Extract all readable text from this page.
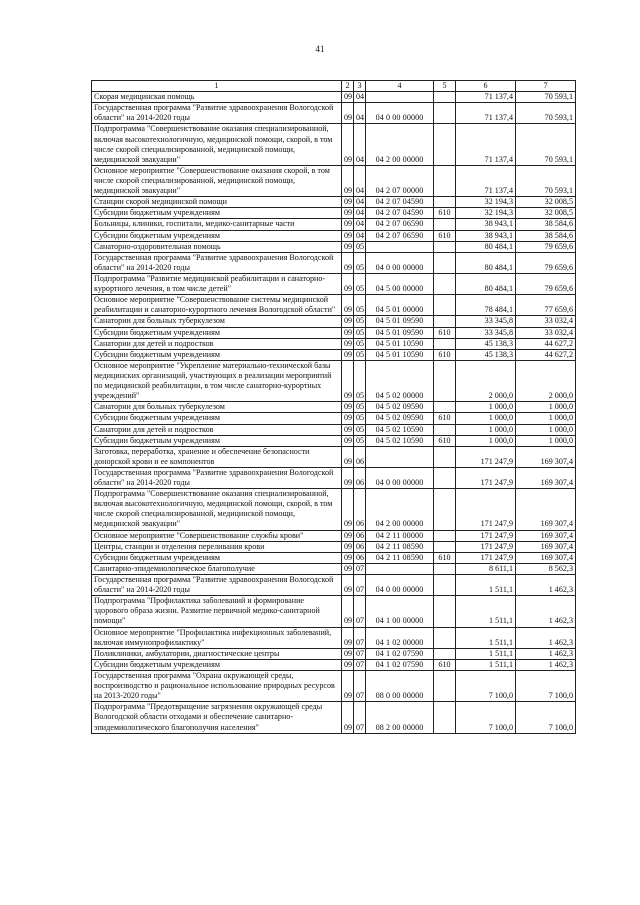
41
1	2	3	4	5	6	7
Скорая медицинская помощь	09	04			71 137,4	70 593,1
Государственная программа "Развитие здравоохранения Вологодской области" на 2014-2020 годы	09	04	04 0 00 00000		71 137,4	70 593,1
Подпрограмма "Совершенствование оказания специализированной, включая высокотехнологичную, медицинской помощи, скорой, в том числе скорой специализированной, медицинской помощи, медицинской эвакуации"	09	04	04 2 00 00000		71 137,4	70 593,1
Основное мероприятие "Совершенствование оказания скорой, в том числе скорой специализированной, медицинской помощи, медицинской эвакуации"	09	04	04 2 07 00000		71 137,4	70 593,1
Станции скорой медицинской помощи	09	04	04 2 07 04590		32 194,3	32 008,5
Субсидии бюджетным учреждениям	09	04	04 2 07 04590	610	32 194,3	32 008,5
Больницы, клиники, госпитали, медико-санитарные части	09	04	04 2 07 06590		38 943,1	38 584,6
Субсидии бюджетным учреждениям	09	04	04 2 07 06590	610	38 943,1	38 584,6
Санаторно-оздоровительная помощь	09	05			80 484,1	79 659,6
Государственная программа "Развитие здравоохранения Вологодской области" на 2014-2020 годы	09	05	04 0 00 00000		80 484,1	79 659,6
Подпрограмма "Развитие медицинской реабилитации и санаторно-курортного лечения, в том числе детей"	09	05	04 5 00 00000		80 484,1	79 659,6
Основное мероприятие "Совершенствование системы медицинской реабилитации и санаторно-курортного лечения Вологодской области"	09	05	04 5 01 00000		78 484,1	77 659,6
Санатории для больных туберкулезом	09	05	04 5 01 09590		33 345,8	33 032,4
Субсидии бюджетным учреждениям	09	05	04 5 01 09590	610	33 345,8	33 032,4
Санатории для детей и подростков	09	05	04 5 01 10590		45 138,3	44 627,2
Субсидии бюджетным учреждениям	09	05	04 5 01 10590	610	45 138,3	44 627,2
Основное мероприятие "Укрепление материально-технической базы медицинских организаций, участвующих в реализации мероприятий по медицинской реабилитации, в том числе санаторно-курортных учреждений"	09	05	04 5 02 00000		2 000,0	2 000,0
Санатории для больных туберкулезом	09	05	04 5 02 09590		1 000,0	1 000,0
Субсидии бюджетным учреждениям	09	05	04 5 02 09590	610	1 000,0	1 000,0
Санатории для детей и подростков	09	05	04 5 02 10590		1 000,0	1 000,0
Субсидии бюджетным учреждениям	09	05	04 5 02 10590	610	1 000,0	1 000,0
Заготовка, переработка, хранение и обеспечение безопасности донорской крови и ее компонентов	09	06			171 247,9	169 307,4
Государственная программа "Развитие здравоохранения Вологодской области" на 2014-2020 годы	09	06	04 0 00 00000		171 247,9	169 307,4
Подпрограмма "Совершенствование оказания специализированной, включая высокотехнологичную, медицинской помощи, скорой, в том числе скорой специализированной, медицинской помощи, медицинской эвакуации"	09	06	04 2 00 00000		171 247,9	169 307,4
Основное мероприятие "Совершенствование службы крови"	09	06	04 2 11 00000		171 247,9	169 307,4
Центры, станции и отделения переливания крови	09	06	04 2 11 08590		171 247,9	169 307,4
Субсидии бюджетным учреждениям	09	06	04 2 11 08590	610	171 247,9	169 307,4
Санитарно-эпидемиологическое благополучие	09	07			8 611,1	8 562,3
Государственная программа "Развитие здравоохранения Вологодской области" на 2014-2020 годы	09	07	04 0 00 00000		1 511,1	1 462,3
Подпрограмма "Профилактика заболеваний и формирование здорового образа жизни. Развитие первичной медико-санитарной помощи"	09	07	04 1 00 00000		1 511,1	1 462,3
Основное мероприятие "Профилактика инфекционных заболеваний, включая иммунопрофилактику"	09	07	04 1 02 00000		1 511,1	1 462,3
Поликлиники, амбулатории, диагностические центры	09	07	04 1 02 07590		1 511,1	1 462,3
Субсидии бюджетным учреждениям	09	07	04 1 02 07590	610	1 511,1	1 462,3
Государственная программа "Охрана окружающей среды, воспроизводство и рациональное использование природных ресурсов на 2013-2020 годы"	09	07	08 0 00 00000		7 100,0	7 100,0
Подпрограмма "Предотвращение загрязнения окружающей среды Вологодской области отходами и обеспечение санитарно-эпидемиологического благополучия населения"	09	07	08 2 00 00000		7 100,0	7 100,0
